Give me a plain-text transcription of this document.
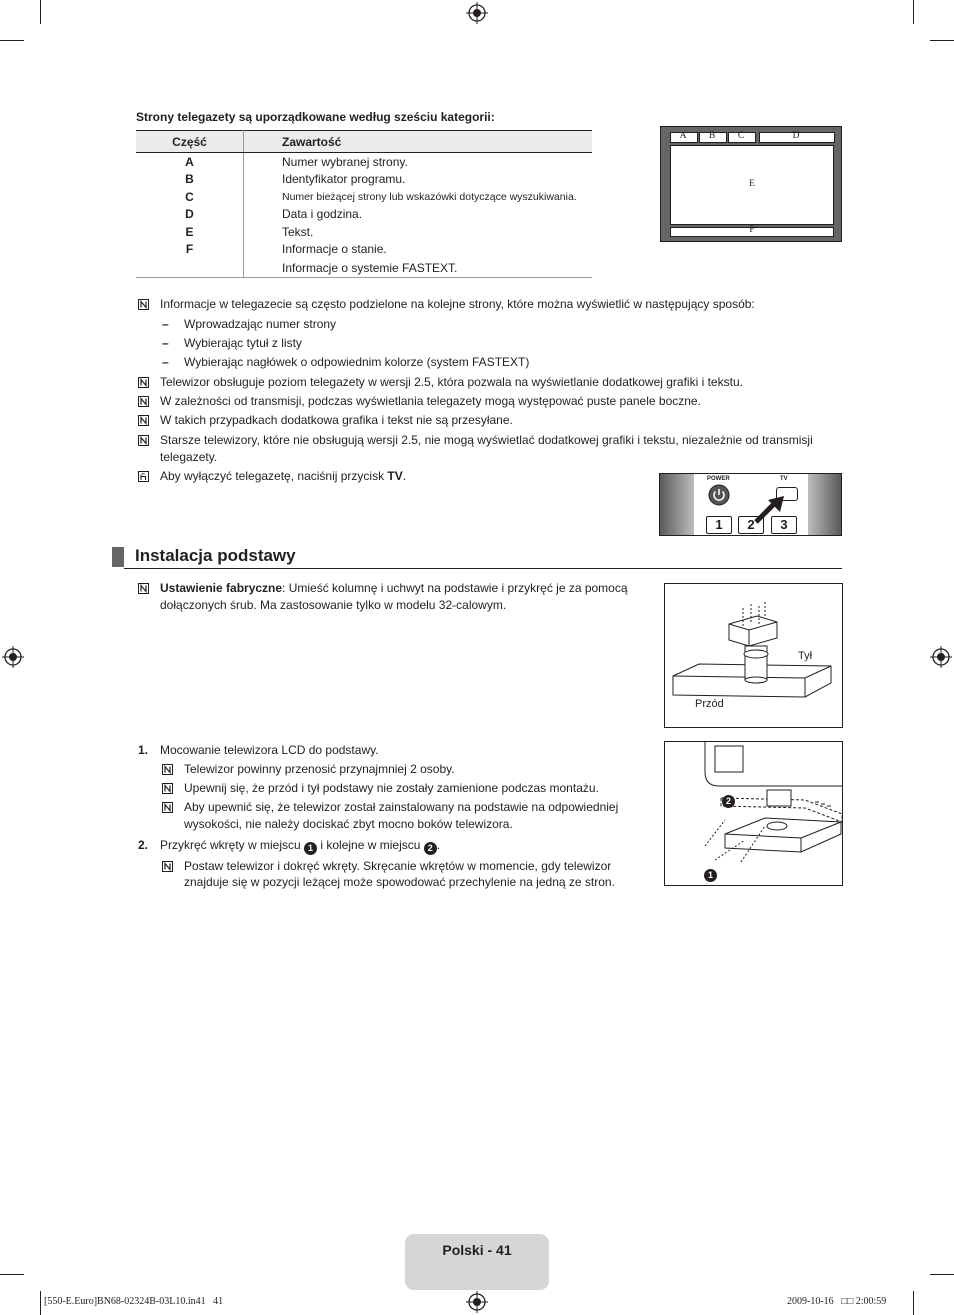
Strony telegazety są uporządkowane według sześciu kategorii:
Część	Zawartość
A	Numer wybranej strony.
B	Identyfikator programu.
C	Numer bieżącej strony lub wskazówki dotyczące wyszukiwania.
D	Data i godzina.
E	Tekst.
F	Informacje o stanie.
	Informacje o systemie FASTEXT.
A	B	C	D
E
F
Informacje w telegazecie są często podzielone na kolejne strony, które można wyświetlić w następujący sposób:
– Wprowadzając numer strony
– Wybierając tytuł z listy
– Wybierając nagłówek o odpowiednim kolorze (system FASTEXT)
Telewizor obsługuje poziom telegazety w wersji 2.5, która pozwala na wyświetlanie dodatkowej grafiki i tekstu.
W zależności od transmisji, podczas wyświetlania telegazety mogą występować puste panele boczne.
W takich przypadkach dodatkowa grafika i tekst nie są przesyłane.
Starsze telewizory, które nie obsługują wersji 2.5, nie mogą wyświetlać dodatkowej grafiki i tekstu, niezależnie od transmisji
telegazety.
Aby wyłączyć telegazetę, naciśnij przycisk TV.	POWER	TV
1	2	3
Instalacja podstawy
Ustawienie fabryczne: Umieść kolumnę i uchwyt na podstawie i przykręć je za pomocą
dołączonych śrub. Ma zastosowanie tylko w modelu 32-calowym.
Tył
Przód
1. Mocowanie telewizora LCD do podstawy.
Telewizor powinny przenosić przynajmniej 2 osoby.
Upewnij się, że przód i tył podstawy nie zostały zamienione podczas montażu.
Aby upewnić się, że telewizor został zainstalowany na podstawie na odpowiedniej
wysokości, nie należy dociskać zbyt mocno boków telewizora.
2. Przykręć wkręty w miejscu 1 i kolejne w miejscu 2 .
Postaw telewizor i dokręć wkręty. Skręcanie wkrętów w momencie, gdy telewizor
znajduje się w pozycji leżącej może spowodować przechylenie na jedną ze stron.
2
1
Polski - 41
[550-E.Euro]BN68-02324B-03L10.in41   41	2009-10-16   □□ 2:00:59
